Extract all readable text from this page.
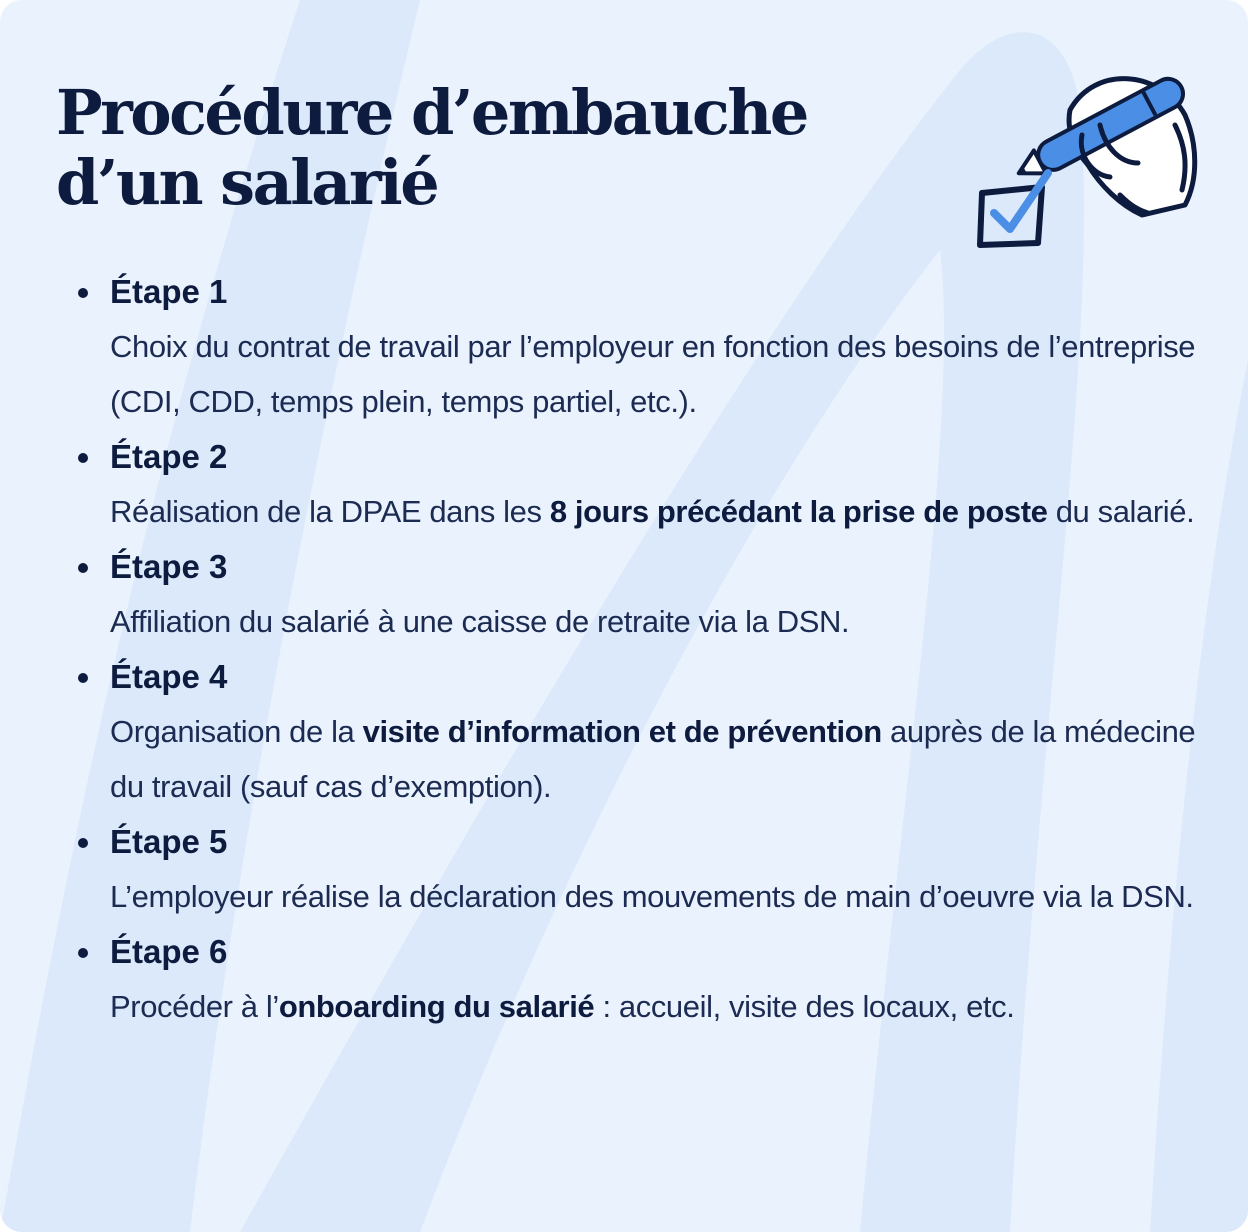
Procédure d’embauche
d’un salarié
Étape 1
Choix du contrat de travail par l’employeur en fonction des besoins de l’entreprise (CDI, CDD, temps plein, temps partiel, etc.).
Étape 2
Réalisation de la DPAE dans les 8 jours précédant la prise de poste du salarié.
Étape 3
Affiliation du salarié à une caisse de retraite via la DSN.
Étape 4
Organisation de la visite d’information et de prévention auprès de la médecine du travail (sauf cas d’exemption).
Étape 5
L’employeur réalise la déclaration des mouvements de main d’oeuvre via la DSN.
Étape 6
Procéder à l’onboarding du salarié : accueil, visite des locaux, etc.
